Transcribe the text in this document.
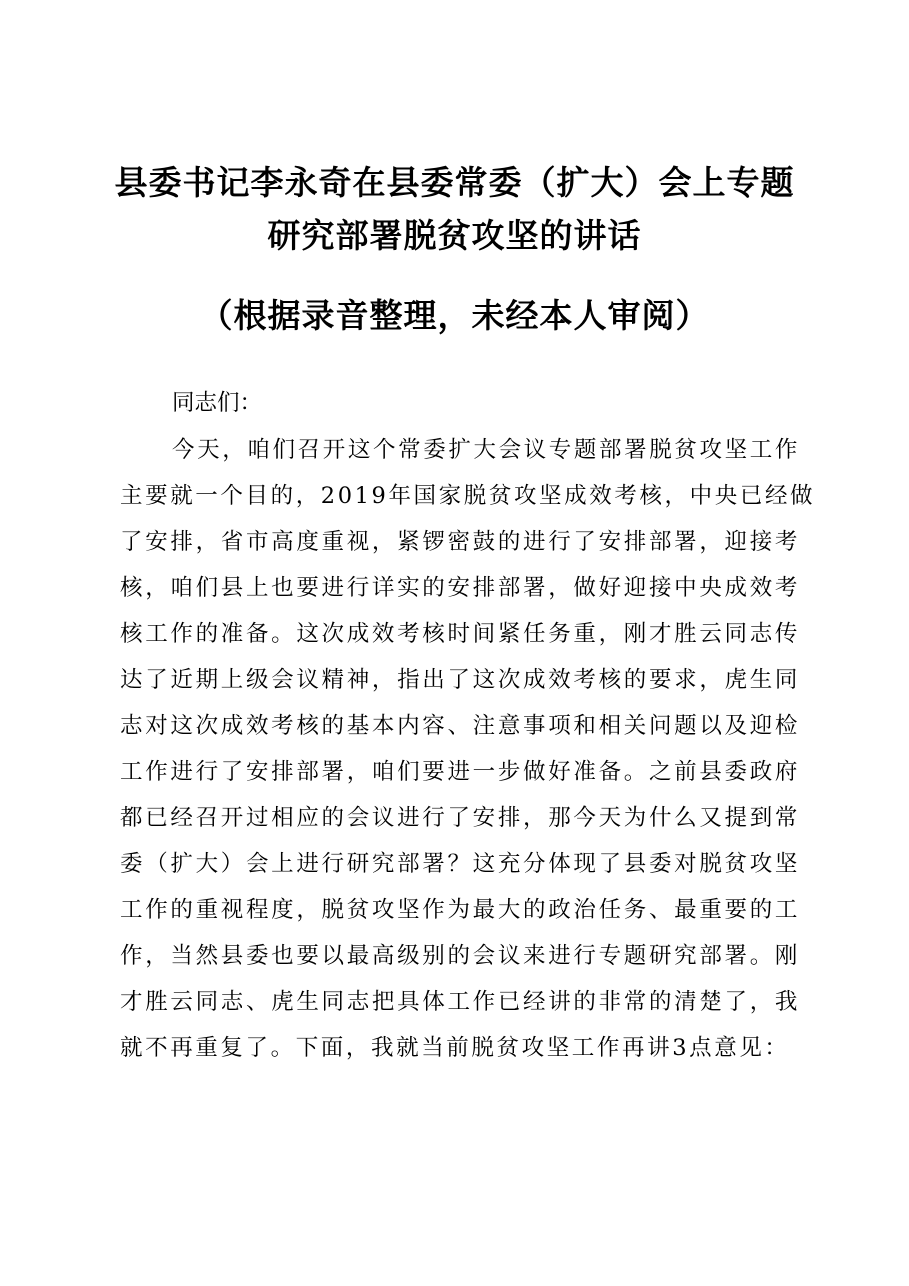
县委书记李永奇在县委常委（扩大）会上专题
研究部署脱贫攻坚的讲话
（根据录音整理，未经本人审阅）
同志们：
今天，咱们召开这个常委扩大会议专题部署脱贫攻坚工作
主要就一个目的，2019年国家脱贫攻坚成效考核，中央已经做
了安排，省市高度重视，紧锣密鼓的进行了安排部署，迎接考
核，咱们县上也要进行详实的安排部署，做好迎接中央成效考
核工作的准备。这次成效考核时间紧任务重，刚才胜云同志传
达了近期上级会议精神，指出了这次成效考核的要求，虎生同
志对这次成效考核的基本内容、注意事项和相关问题以及迎检
工作进行了安排部署，咱们要进一步做好准备。之前县委政府
都已经召开过相应的会议进行了安排，那今天为什么又提到常
委（扩大）会上进行研究部署？这充分体现了县委对脱贫攻坚
工作的重视程度，脱贫攻坚作为最大的政治任务、最重要的工
作，当然县委也要以最高级别的会议来进行专题研究部署。刚
才胜云同志、虎生同志把具体工作已经讲的非常的清楚了，我
就不再重复了。下面，我就当前脱贫攻坚工作再讲3点意见：
